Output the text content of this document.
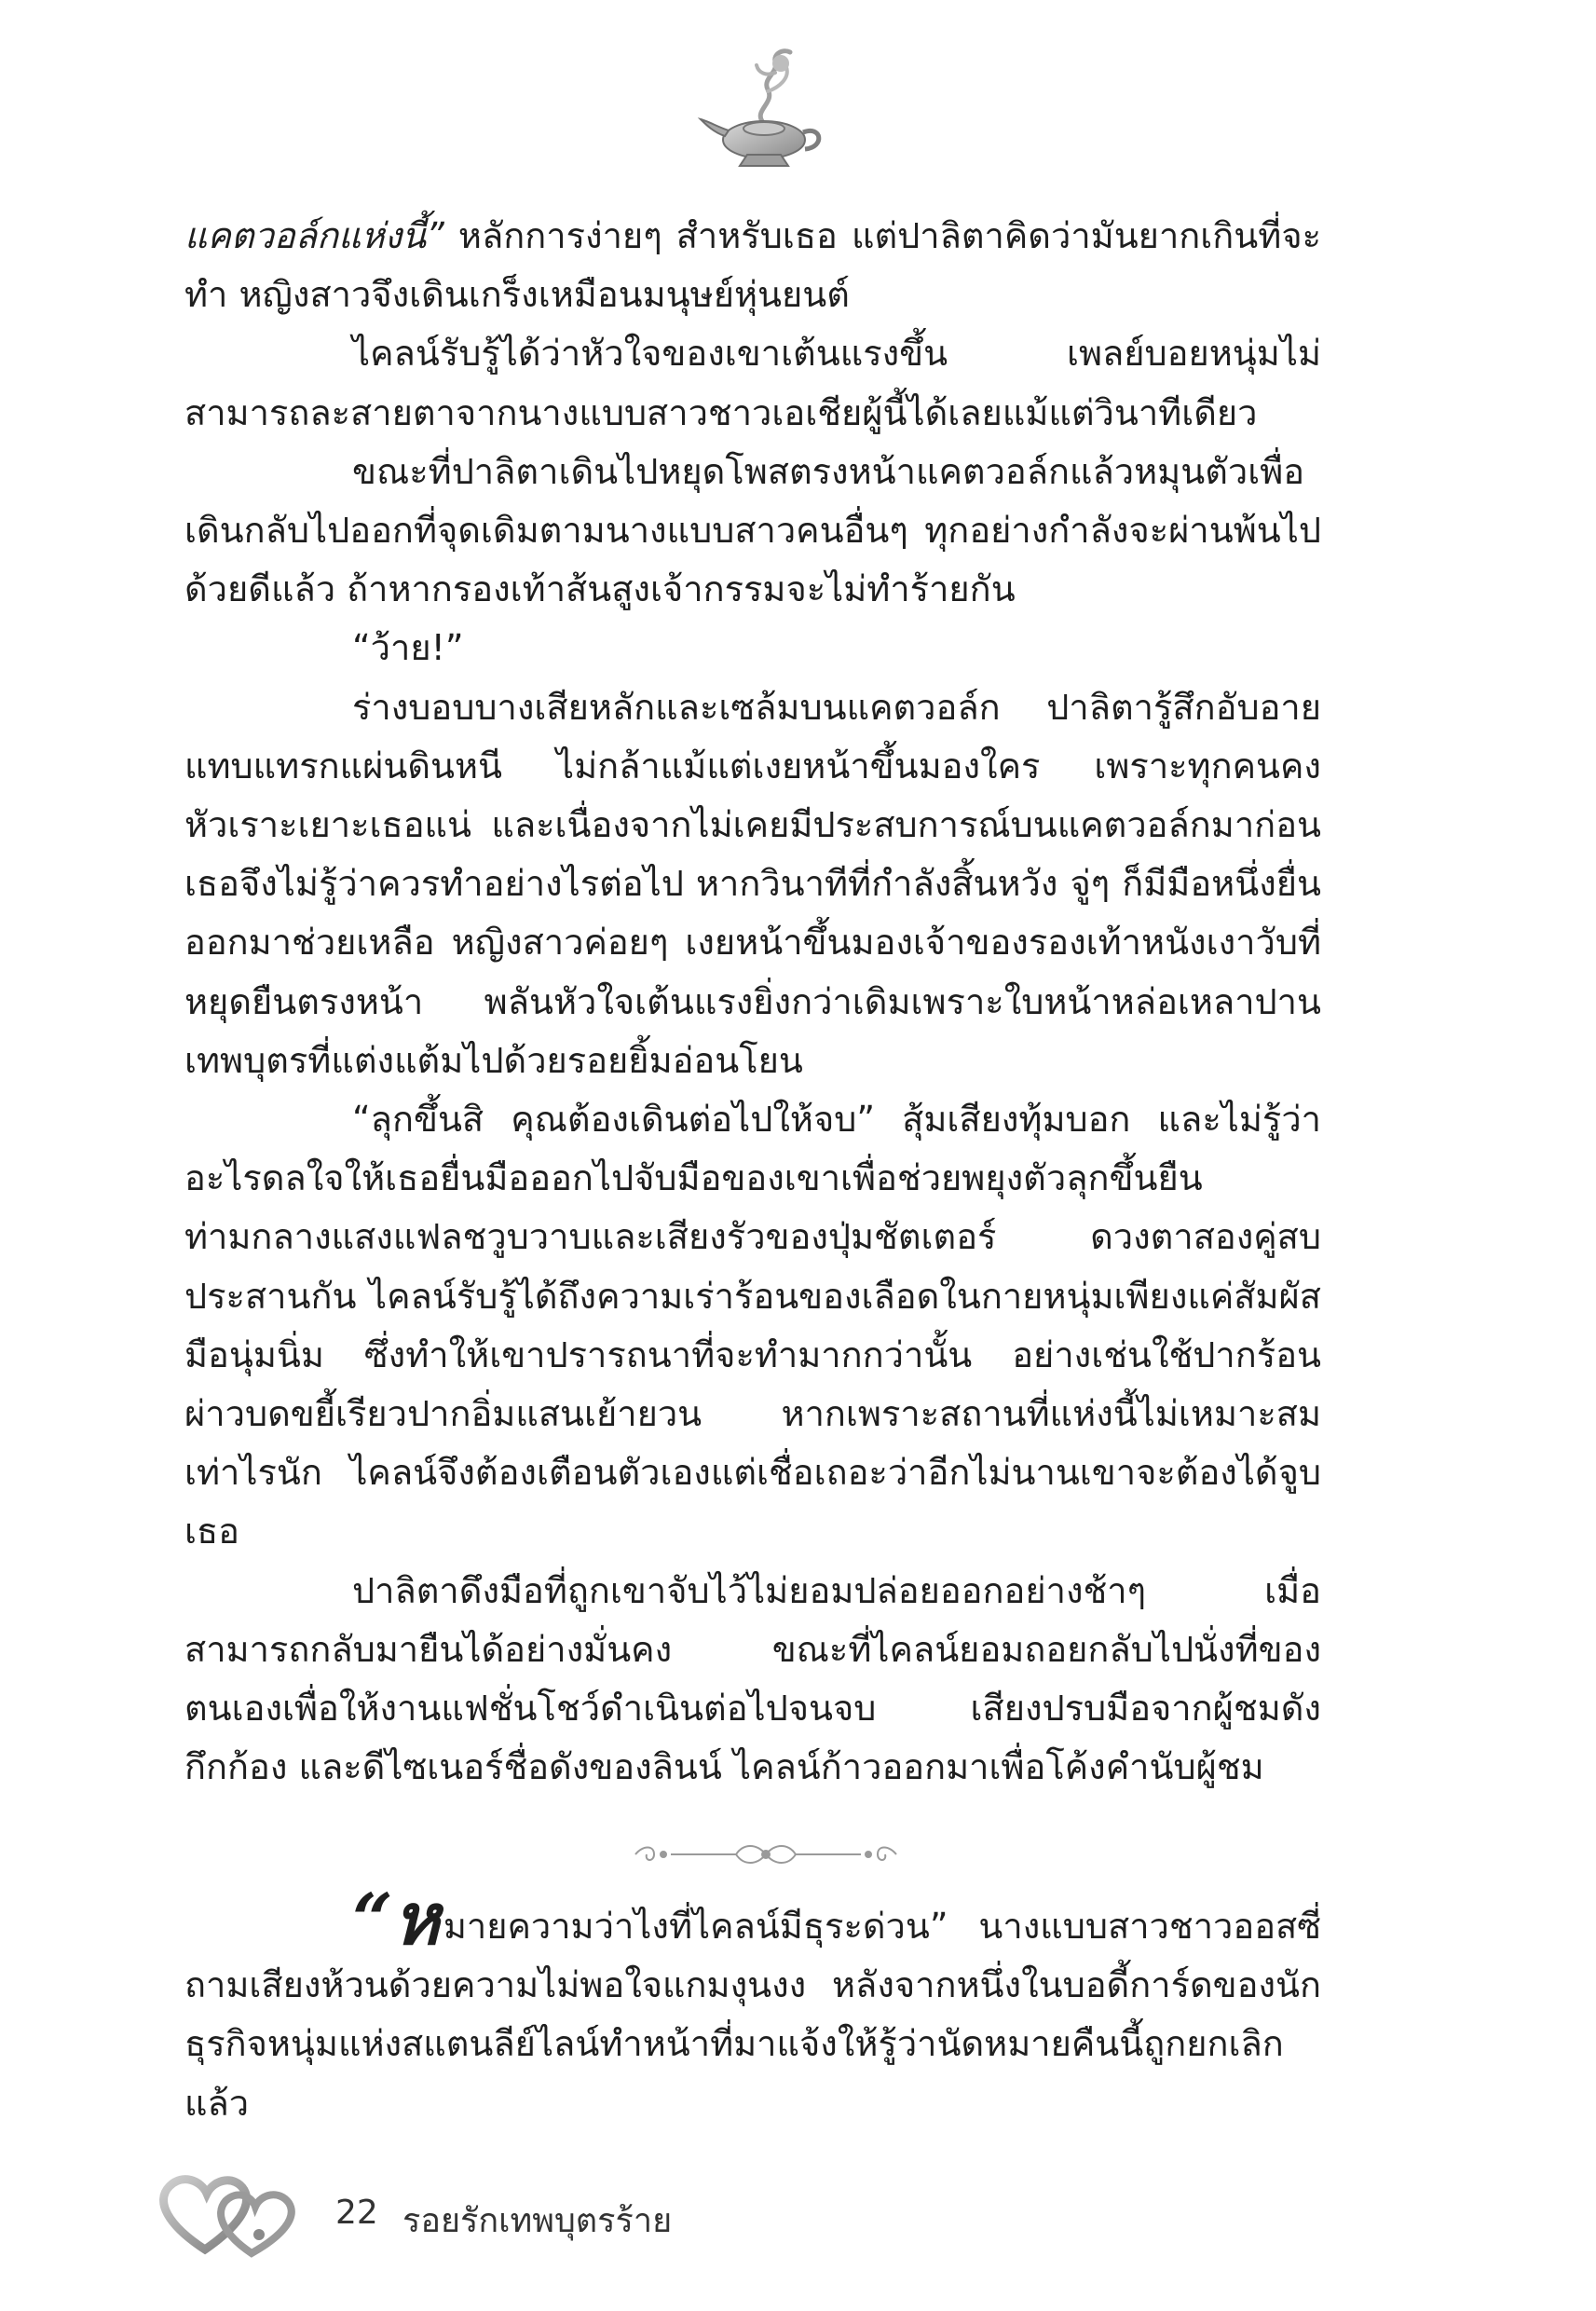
แคตวอล์กแห่งนี้” หลักการง่ายๆ สำหรับเธอ แต่ปาลิตาคิดว่ามันยากเกินที่จะทำ หญิงสาวจึงเดินเกร็งเหมือนมนุษย์หุ่นยนต์

ไคลน์รับรู้ได้ว่าหัวใจของเขาเต้นแรงขึ้น เพลย์บอยหนุ่มไม่สามารถละสายตาจากนางแบบสาวชาวเอเชียผู้นี้ได้เลยแม้แต่วินาทีเดียว

ขณะที่ปาลิตาเดินไปหยุดโพสตรงหน้าแคตวอล์กแล้วหมุนตัวเพื่อเดินกลับไปออกที่จุดเดิมตามนางแบบสาวคนอื่นๆ ทุกอย่างกำลังจะผ่านพ้นไปด้วยดีแล้ว ถ้าหากรองเท้าส้นสูงเจ้ากรรมจะไม่ทำร้ายกัน

“ว้าย!”

ร่างบอบบางเสียหลักและเซล้มบนแคตวอล์ก ปาลิตารู้สึกอับอายแทบแทรกแผ่นดินหนี ไม่กล้าแม้แต่เงยหน้าขึ้นมองใคร เพราะทุกคนคงหัวเราะเยาะเธอแน่ และเนื่องจากไม่เคยมีประสบการณ์บนแคตวอล์กมาก่อน เธอจึงไม่รู้ว่าควรทำอย่างไรต่อไป หากวินาทีที่กำลังสิ้นหวัง จู่ๆ ก็มีมือหนึ่งยื่นออกมาช่วยเหลือ หญิงสาวค่อยๆ เงยหน้าขึ้นมองเจ้าของรองเท้าหนังเงาวับที่หยุดยืนตรงหน้า พลันหัวใจเต้นแรงยิ่งกว่าเดิมเพราะใบหน้าหล่อเหลาปานเทพบุตรที่แต่งแต้มไปด้วยรอยยิ้มอ่อนโยน

“ลุกขึ้นสิ คุณต้องเดินต่อไปให้จบ” สุ้มเสียงทุ้มบอก และไม่รู้ว่าอะไรดลใจให้เธอยื่นมือออกไปจับมือของเขาเพื่อช่วยพยุงตัวลุกขึ้นยืน ท่ามกลางแสงแฟลชวูบวาบและเสียงรัวของปุ่มชัตเตอร์ ดวงตาสองคู่สบประสานกัน ไคลน์รับรู้ได้ถึงความเร่าร้อนของเลือดในกายหนุ่มเพียงแค่สัมผัสมือนุ่มนิ่ม ซึ่งทำให้เขาปรารถนาที่จะทำมากกว่านั้น อย่างเช่นใช้ปากร้อนผ่าวบดขยี้เรียวปากอิ่มแสนเย้ายวน หากเพราะสถานที่แห่งนี้ไม่เหมาะสมเท่าไรนัก ไคลน์จึงต้องเตือนตัวเองแต่เชื่อเถอะว่าอีกไม่นานเขาจะต้องได้จูบเธอ

ปาลิตาดึงมือที่ถูกเขาจับไว้ไม่ยอมปล่อยออกอย่างช้าๆ เมื่อสามารถกลับมายืนได้อย่างมั่นคง ขณะที่ไคลน์ยอมถอยกลับไปนั่งที่ของตนเองเพื่อให้งานแฟชั่นโชว์ดำเนินต่อไปจนจบ เสียงปรบมือจากผู้ชมดังกึกก้อง และดีไซเนอร์ชื่อดังของลินน์ ไคลน์ก้าวออกมาเพื่อโค้งคำนับผู้ชม

“หมายความว่าไงที่ไคลน์มีธุระด่วน” นางแบบสาวชาวออสซี่ถามเสียงห้วนด้วยความไม่พอใจแกมงุนงง หลังจากหนึ่งในบอดี้การ์ดของนักธุรกิจหนุ่มแห่งสแตนลีย์ไลน์ทำหน้าที่มาแจ้งให้รู้ว่านัดหมายคืนนี้ถูกยกเลิกแล้ว

22 รอยรักเทพบุตรร้าย
